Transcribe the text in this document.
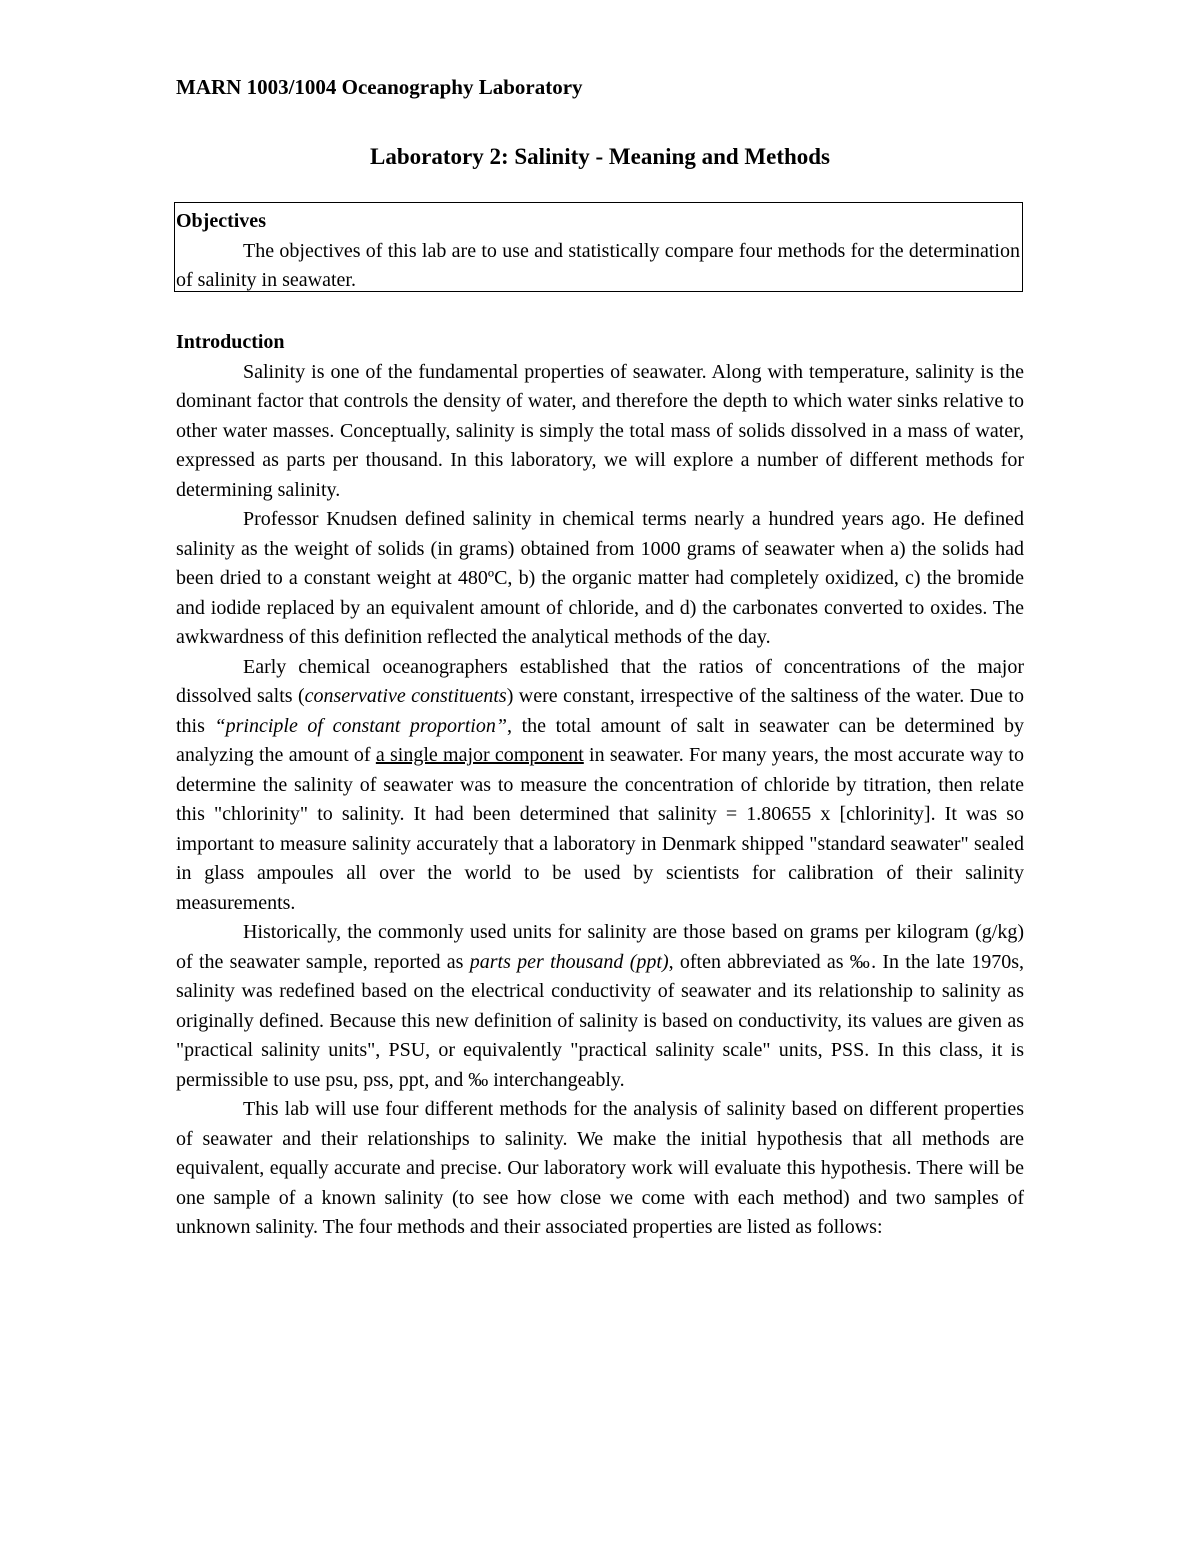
MARN 1003/1004 Oceanography Laboratory
Laboratory 2: Salinity - Meaning and Methods
Objectives

The objectives of this lab are to use and statistically compare four methods for the determination of salinity in seawater.

Introduction

Salinity is one of the fundamental properties of seawater. Along with temperature, salinity is the dominant factor that controls the density of water, and therefore the depth to which water sinks relative to other water masses. Conceptually, salinity is simply the total mass of solids dissolved in a mass of water, expressed as parts per thousand. In this laboratory, we will explore a number of different methods for determining salinity.

Professor Knudsen defined salinity in chemical terms nearly a hundred years ago. He defined salinity as the weight of solids (in grams) obtained from 1000 grams of seawater when a) the solids had been dried to a constant weight at 480ºC, b) the organic matter had completely oxidized, c) the bromide and iodide replaced by an equivalent amount of chloride, and d) the carbonates converted to oxides. The awkwardness of this definition reflected the analytical methods of the day.

Early chemical oceanographers established that the ratios of concentrations of the major dissolved salts (conservative constituents) were constant, irrespective of the saltiness of the water. Due to this “principle of constant proportion”, the total amount of salt in seawater can be determined by analyzing the amount of a single major component in seawater. For many years, the most accurate way to determine the salinity of seawater was to measure the concentration of chloride by titration, then relate this "chlorinity" to salinity. It had been determined that salinity = 1.80655 x [chlorinity]. It was so important to measure salinity accurately that a laboratory in Denmark shipped "standard seawater" sealed in glass ampoules all over the world to be used by scientists for calibration of their salinity measurements.

Historically, the commonly used units for salinity are those based on grams per kilogram (g/kg) of the seawater sample, reported as parts per thousand (ppt), often abbreviated as ‰. In the late 1970s, salinity was redefined based on the electrical conductivity of seawater and its relationship to salinity as originally defined. Because this new definition of salinity is based on conductivity, its values are given as "practical salinity units", PSU, or equivalently "practical salinity scale" units, PSS. In this class, it is permissible to use psu, pss, ppt, and ‰ interchangeably.

This lab will use four different methods for the analysis of salinity based on different properties of seawater and their relationships to salinity. We make the initial hypothesis that all methods are equivalent, equally accurate and precise. Our laboratory work will evaluate this hypothesis. There will be one sample of a known salinity (to see how close we come with each method) and two samples of unknown salinity. The four methods and their associated properties are listed as follows:
